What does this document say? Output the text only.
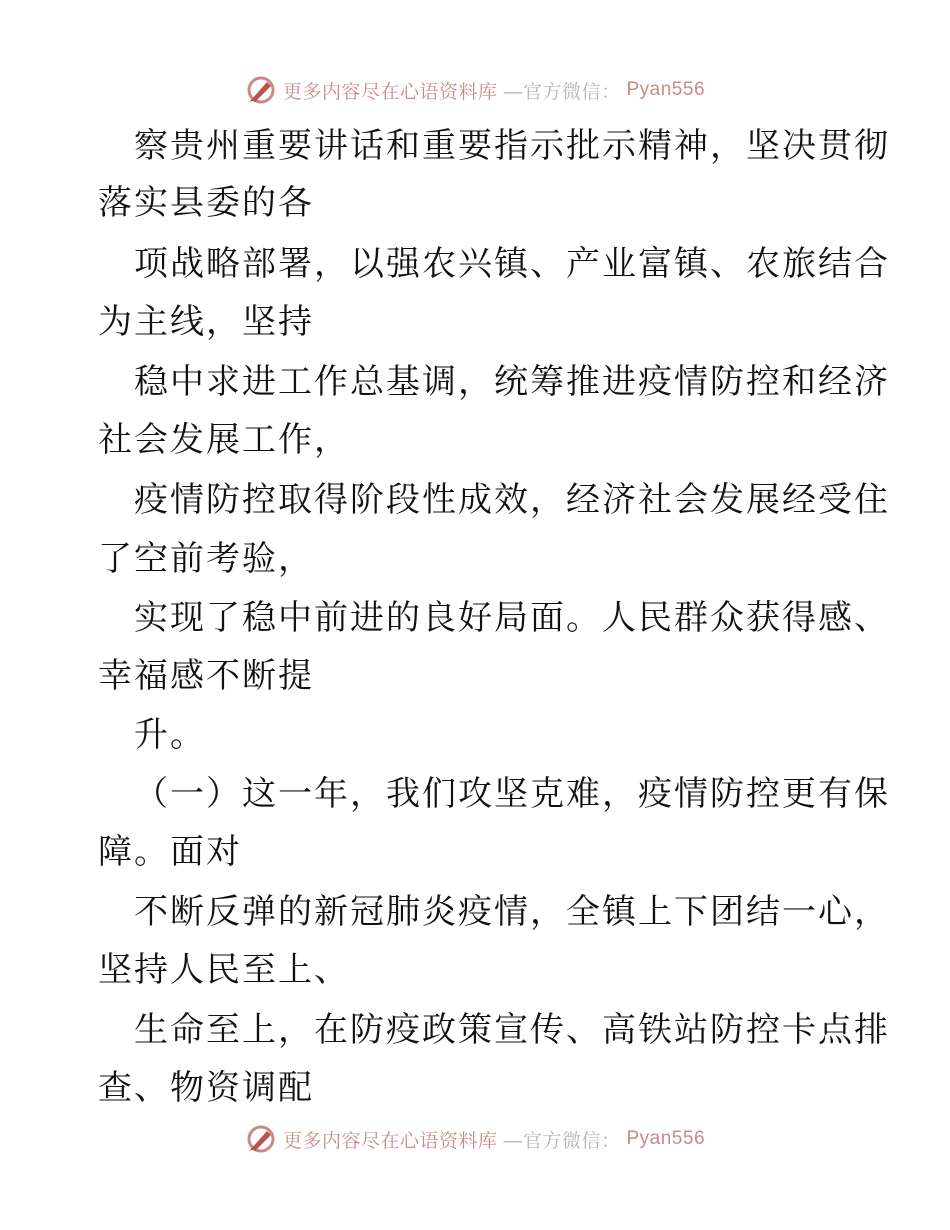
更多内容尽在心语资料库 —官方微信： Pyan556
察贵州重要讲话和重要指示批示精神，坚决贯彻
落实县委的各
项战略部署，以强农兴镇、产业富镇、农旅结合
为主线，坚持
稳中求进工作总基调，统筹推进疫情防控和经济
社会发展工作，
疫情防控取得阶段性成效，经济社会发展经受住
了空前考验，
实现了稳中前进的良好局面。人民群众获得感、
幸福感不断提
升。
（一）这一年，我们攻坚克难，疫情防控更有保
障。面对
不断反弹的新冠肺炎疫情，全镇上下团结一心，
坚持人民至上、
生命至上，在防疫政策宣传、高铁站防控卡点排
查、物资调配
更多内容尽在心语资料库 —官方微信： Pyan556
